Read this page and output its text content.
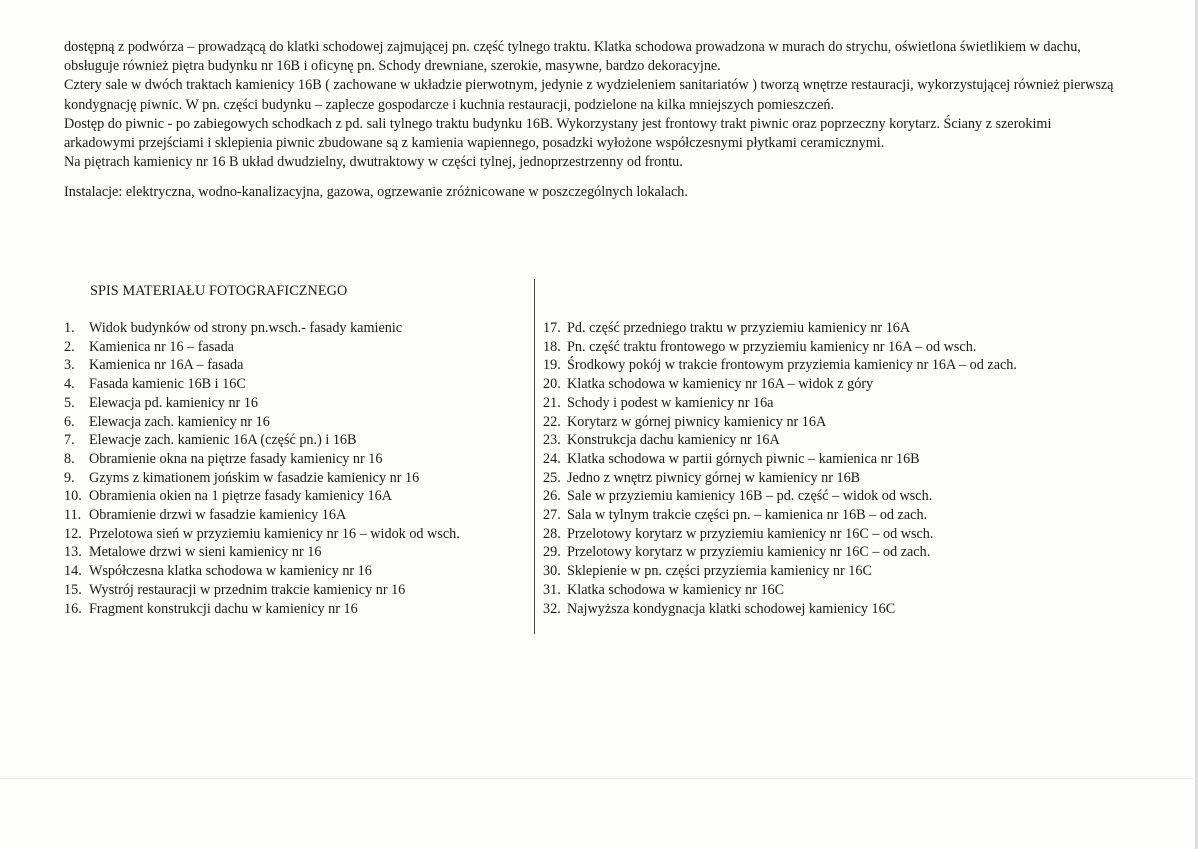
dostępną z podwórza – prowadzącą do klatki schodowej zajmującej pn. część tylnego traktu. Klatka schodowa prowadzona w murach do strychu, oświetlona świetlikiem w dachu, obsługuje również piętra budynku nr 16B i oficynę pn. Schody drewniane, szerokie, masywne, bardzo dekoracyjne.

Cztery sale w dwóch traktach kamienicy 16B ( zachowane w układzie pierwotnym, jedynie z wydzieleniem sanitariatów ) tworzą wnętrze restauracji, wykorzystującej również pierwszą kondygnację piwnic. W pn. części budynku – zaplecze gospodarcze i kuchnia restauracji, podzielone na kilka mniejszych pomieszczeń.

Dostęp do piwnic - po zabiegowych schodkach z pd. sali tylnego traktu budynku 16B. Wykorzystany jest frontowy trakt piwnic oraz poprzeczny korytarz. Ściany z szerokimi arkadowymi przejściami i sklepienia piwnic zbudowane są z kamienia wapiennego, posadzki wyłożone współczesnymi płytkami ceramicznymi.

Na piętrach kamienicy nr 16 B układ dwudzielny, dwutraktowy w części tylnej, jednoprzestrzenny od frontu.

Instalacje: elektryczna, wodno-kanalizacyjna, gazowa, ogrzewanie zróżnicowane w poszczególnych lokalach.

SPIS MATERIAŁU FOTOGRAFICZNEGO
1.	Widok budynków od strony pn.wsch.- fasady kamienic
2.	Kamienica nr 16 – fasada
3.	Kamienica nr 16A – fasada
4.	Fasada kamienic 16B i 16C
5.	Elewacja pd. kamienicy nr 16
6.	Elewacja zach. kamienicy nr 16
7.	Elewacje zach. kamienic 16A (część pn.) i 16B
8.	Obramienie okna na piętrze fasady kamienicy nr 16
9.	Gzyms z kimationem jońskim w fasadzie kamienicy nr 16
10. Obramienia okien na 1 piętrze fasady kamienicy 16A
11. Obramienie drzwi w fasadzie kamienicy 16A
12. Przelotowa sień w przyziemiu kamienicy nr 16 – widok od wsch.
13. Metalowe drzwi w sieni kamienicy nr 16
14. Współczesna klatka schodowa w kamienicy nr 16
15. Wystrój restauracji w przednim trakcie kamienicy nr 16
16. Fragment konstrukcji dachu w kamienicy nr 16
17. Pd. część przedniego traktu w przyziemiu kamienicy nr 16A
18. Pn. część traktu frontowego w przyziemiu kamienicy nr 16A – od wsch.
19. Środkowy pokój w trakcie frontowym przyziemia kamienicy nr 16A – od zach.
20. Klatka schodowa w kamienicy nr 16A – widok z góry
21. Schody i podest w kamienicy nr 16a
22. Korytarz w górnej piwnicy kamienicy nr 16A
23. Konstrukcja dachu kamienicy nr 16A
24. Klatka schodowa w partii górnych piwnic – kamienica nr 16B
25. Jedno z wnętrz piwnicy górnej w kamienicy nr 16B
26. Sale w przyziemiu kamienicy 16B – pd. część – widok od wsch.
27. Sala w tylnym trakcie części pn. – kamienica nr 16B – od zach.
28. Przelotowy korytarz w przyziemiu kamienicy nr 16C – od wsch.
29. Przelotowy korytarz w przyziemiu kamienicy nr 16C – od zach.
30. Sklepienie w pn. części przyziemia kamienicy nr 16C
31. Klatka schodowa w kamienicy nr 16C
32. Najwyższa kondygnacja klatki schodowej kamienicy 16C
